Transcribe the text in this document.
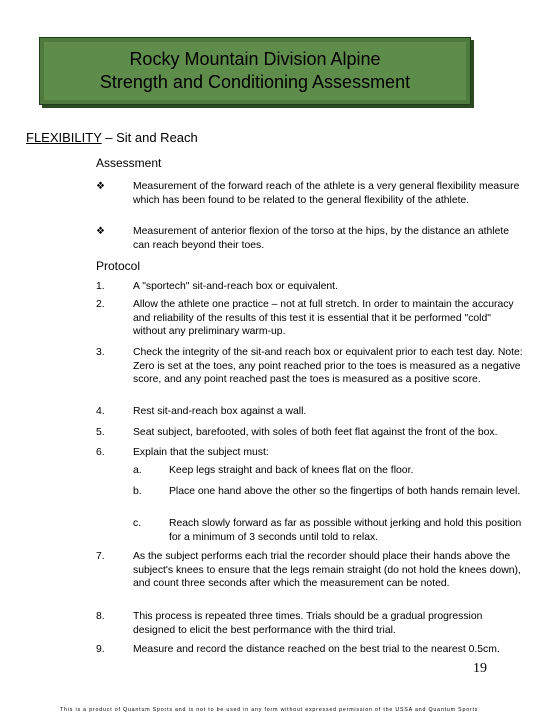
Rocky Mountain Division Alpine
Strength and Conditioning Assessment
FLEXIBILITY – Sit and Reach
Assessment
❖	Measurement of the forward reach of the athlete is a very general flexibility measure which has been found to be related to the general flexibility of the athlete.
❖	Measurement of anterior flexion of the torso at the hips, by the distance an athlete can reach beyond their toes.
Protocol
1.	A "sportech" sit-and-reach box or equivalent.
2.	Allow the athlete one practice – not at full stretch. In order to maintain the accuracy and reliability of the results of this test it is essential that it be performed "cold" without any preliminary warm-up.
3.	Check the integrity of the sit-and reach box or equivalent prior to each test day. Note: Zero is set at the toes, any point reached prior to the toes is measured as a negative score, and any point reached past the toes is measured as a positive score.
4.	Rest sit-and-reach box against a wall.
5.	Seat subject, barefooted, with soles of both feet flat against the front of the box.
6.	Explain that the subject must:
a.	Keep legs straight and back of knees flat on the floor.
b.	Place one hand above the other so the fingertips of both hands remain level.
c.	Reach slowly forward as far as possible without jerking and hold this position for a minimum of 3 seconds until told to relax.
7.	As the subject performs each trial the recorder should place their hands above the subject's knees to ensure that the legs remain straight (do not hold the knees down), and count three seconds after which the measurement can be noted.
8.	This process is repeated three times. Trials should be a gradual progression designed to elicit the best performance with the third trial.
9.	Measure and record the distance reached on the best trial to the nearest 0.5cm.
19
This is a product of Quantum Sports and is not to be used in any form without expressed permission of the USSA and Quantum Sports
